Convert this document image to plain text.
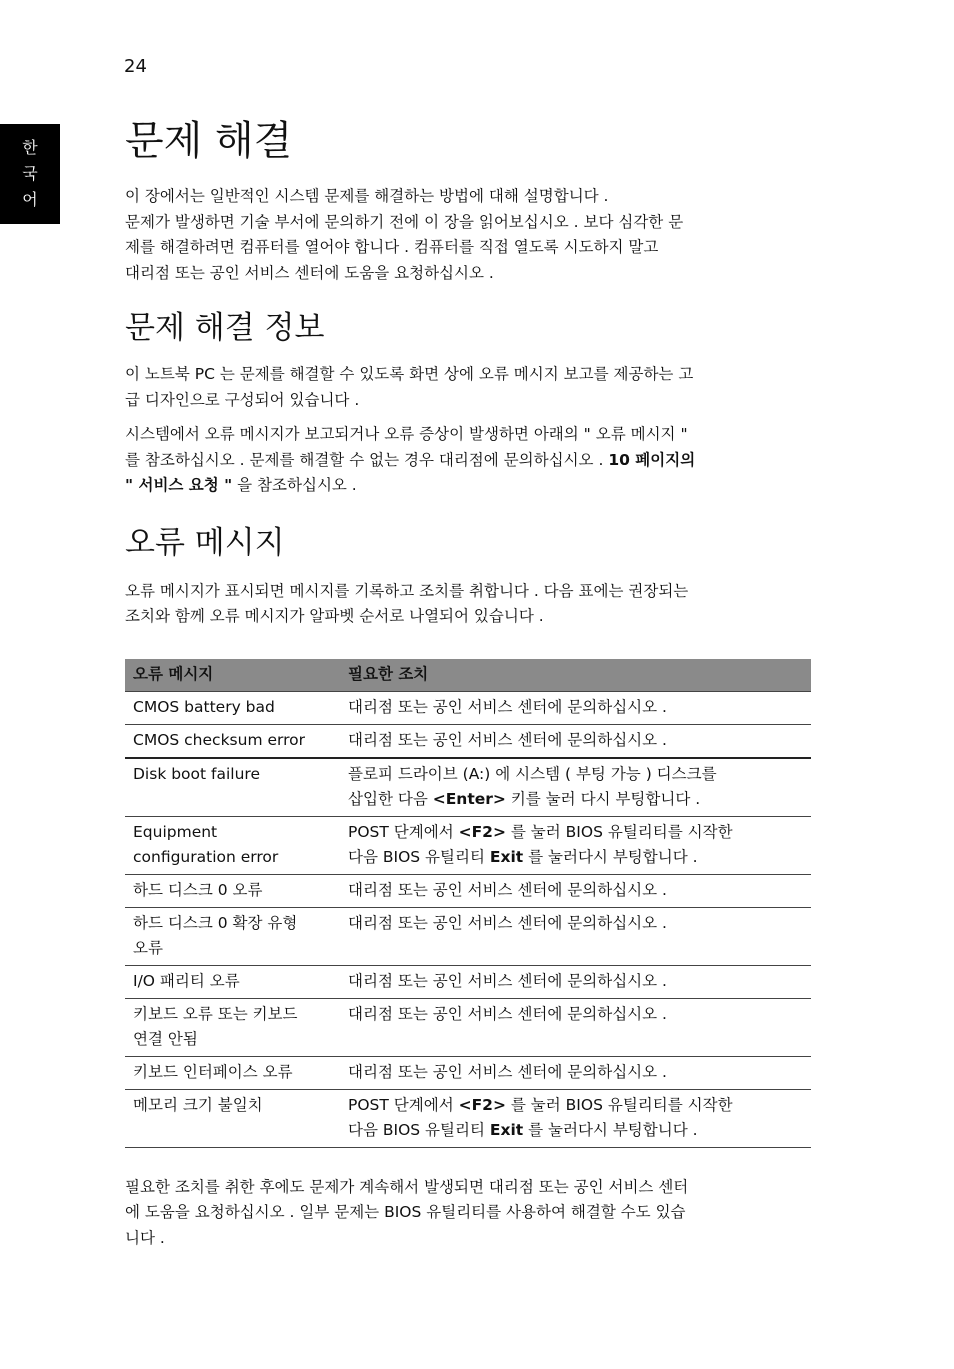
24
한
국
어
문제 해결

이 장에서는 일반적인 시스템 문제를 해결하는 방법에 대해 설명합니다 .
문제가 발생하면 기술 부서에 문의하기 전에 이 장을 읽어보십시오 . 보다 심각한 문
제를 해결하려면 컴퓨터를 열어야 합니다 . 컴퓨터를 직접 열도록 시도하지 말고
대리점 또는 공인 서비스 센터에 도움을 요청하십시오 .

문제 해결 정보

이 노트북 PC 는 문제를 해결할 수 있도록 화면 상에 오류 메시지 보고를 제공하는 고
급 디자인으로 구성되어 있습니다 .

시스템에서 오류 메시지가 보고되거나 오류 증상이 발생하면 아래의 " 오류 메시지 "
를 참조하십시오 . 문제를 해결할 수 없는 경우 대리점에 문의하십시오 . 10 페이지의
" 서비스 요청 " 을 참조하십시오 .

오류 메시지

오류 메시지가 표시되면 메시지를 기록하고 조치를 취합니다 . 다음 표에는 권장되는
조치와 함께 오류 메시지가 알파벳 순서로 나열되어 있습니다 .

오류 메시지	필요한 조치
CMOS battery bad	대리점 또는 공인 서비스 센터에 문의하십시오 .
CMOS checksum error	대리점 또는 공인 서비스 센터에 문의하십시오 .
Disk boot failure	플로피 드라이브 (A:) 에 시스템 ( 부팅 가능 ) 디스크를
삽입한 다음 <Enter> 키를 눌러 다시 부팅합니다 .
Equipment
configuration error	POST 단계에서 <F2> 를 눌러 BIOS 유틸리티를 시작한
다음 BIOS 유틸리티 Exit 를 눌러다시 부팅합니다 .
하드 디스크 0 오류	대리점 또는 공인 서비스 센터에 문의하십시오 .
하드 디스크 0 확장 유형
오류	대리점 또는 공인 서비스 센터에 문의하십시오 .
I/O 패리티 오류	대리점 또는 공인 서비스 센터에 문의하십시오 .
키보드 오류 또는 키보드
연결 안됨	대리점 또는 공인 서비스 센터에 문의하십시오 .
키보드 인터페이스 오류	대리점 또는 공인 서비스 센터에 문의하십시오 .
메모리 크기 불일치	POST 단계에서 <F2> 를 눌러 BIOS 유틸리티를 시작한
다음 BIOS 유틸리티 Exit 를 눌러다시 부팅합니다 .

필요한 조치를 취한 후에도 문제가 계속해서 발생되면 대리점 또는 공인 서비스 센터
에 도움을 요청하십시오 . 일부 문제는 BIOS 유틸리티를 사용하여 해결할 수도 있습
니다 .
